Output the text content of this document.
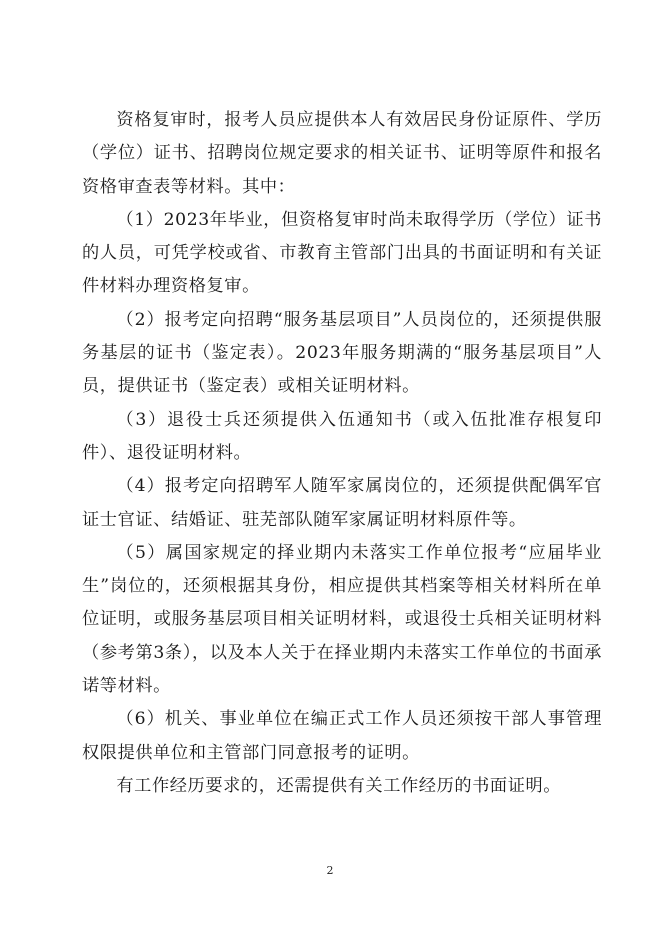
资格复审时，报考人员应提供本人有效居民身份证原件、学历（学位）证书、招聘岗位规定要求的相关证书、证明等原件和报名资格审查表等材料。其中：

（1）2023年毕业，但资格复审时尚未取得学历（学位）证书的人员，可凭学校或省、市教育主管部门出具的书面证明和有关证件材料办理资格复审。

（2）报考定向招聘“服务基层项目”人员岗位的，还须提供服务基层的证书（鉴定表）。2023年服务期满的“服务基层项目”人员，提供证书（鉴定表）或相关证明材料。

（3）退役士兵还须提供入伍通知书（或入伍批准存根复印件）、退役证明材料。

（4）报考定向招聘军人随军家属岗位的，还须提供配偶军官证士官证、结婚证、驻芜部队随军家属证明材料原件等。

（5）属国家规定的择业期内未落实工作单位报考“应届毕业生”岗位的，还须根据其身份，相应提供其档案等相关材料所在单位证明，或服务基层项目相关证明材料，或退役士兵相关证明材料（参考第3条），以及本人关于在择业期内未落实工作单位的书面承诺等材料。

（6）机关、事业单位在编正式工作人员还须按干部人事管理权限提供单位和主管部门同意报考的证明。

有工作经历要求的，还需提供有关工作经历的书面证明。

2
